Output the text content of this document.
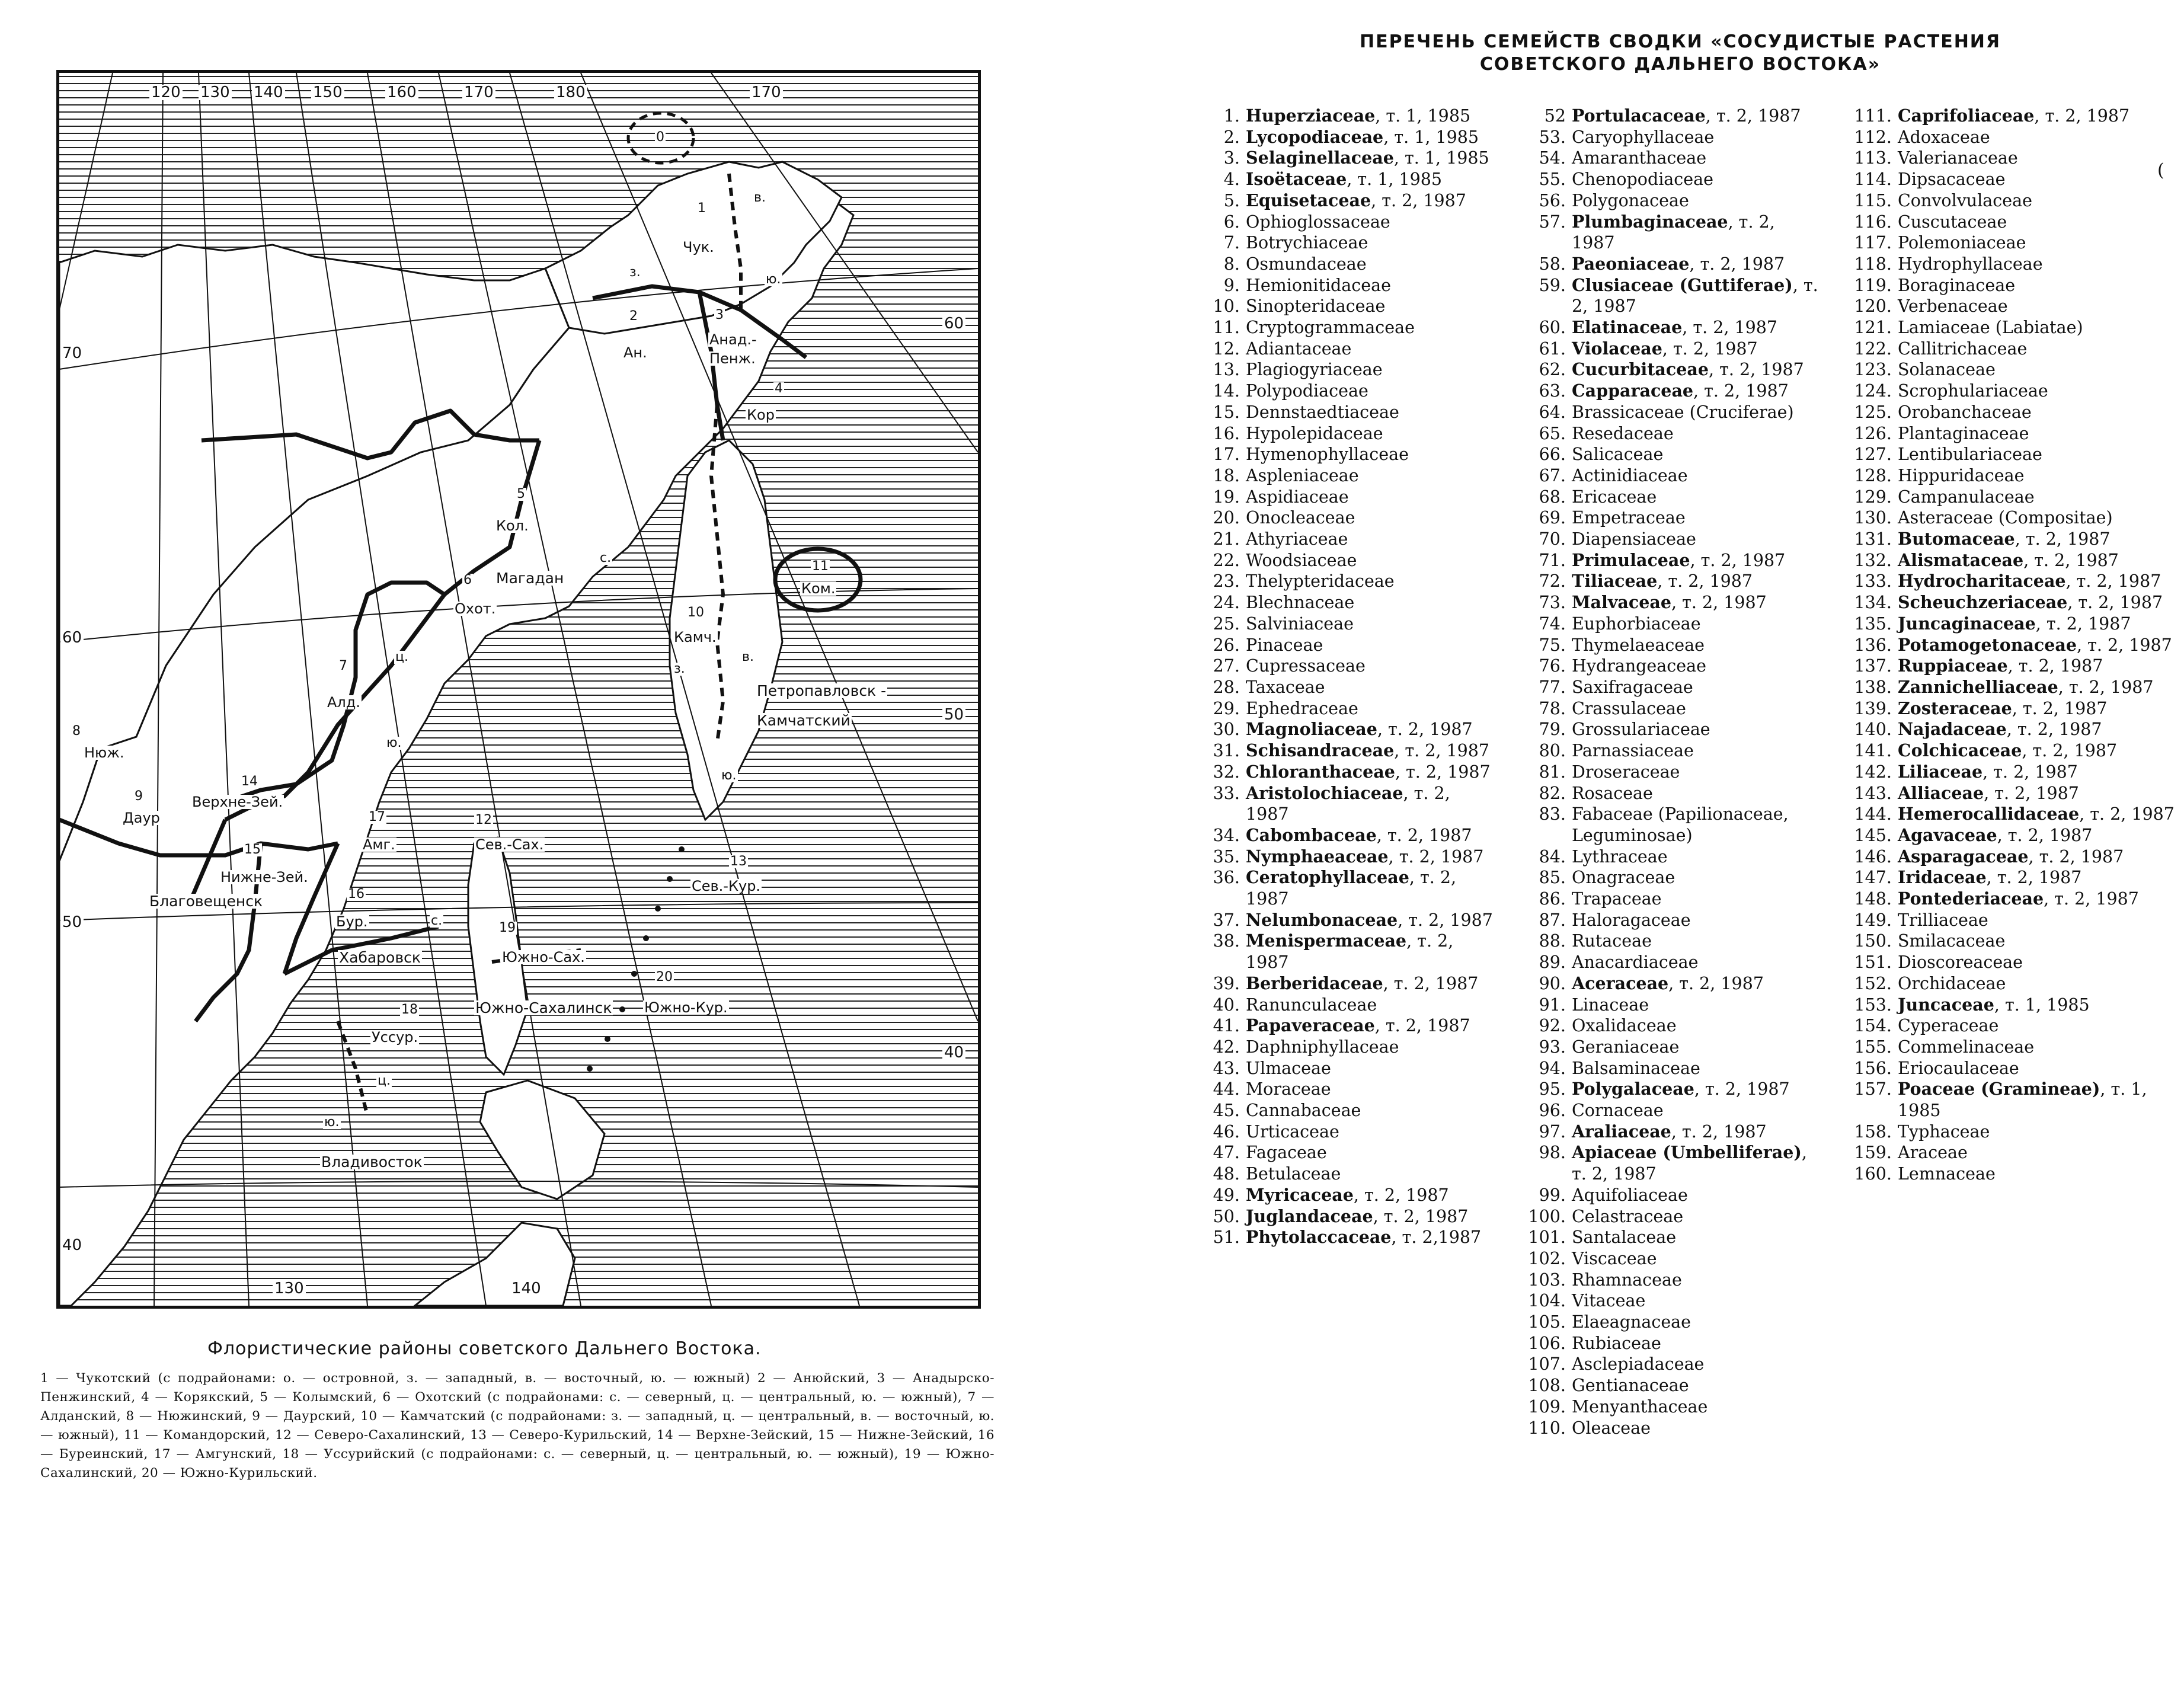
120 130 140 150	160	170	180	170
130	140
70
60
50
40
60
50
40
0
1
в.
Чук.
з.	ю.
2
Ан.
3
Анад.-
Пенж.
4
Кор
5
Кол.
с.
6 Магадан
Охот.
ц.
11
Ком.
10
Камч.
з.
в.
Петропавловск -
Камчатский
ю.
7
Алд.
ю.
8
Нюж.
9
Даур
14
Верхне-Зей.
17
Амг.
12
Сев.-Сах.
15
Нижне-Зей.
13
Сев.-Кур.
Благовещенск	16
Бур.	с.	19
Хабаровск	Южно-Сах.
20
Южно-Сахалинск Южно-Кур.
18
Уссур.
ц.
ю.
Владивосток
Флористические районы советского Дальнего Востока.
1 — Чукотский (с подрайонами: о. — островной, з. — западный, в. — восточный, ю. — южный) 2 — Анюйский, 3 — Анадырско-Пенжинский, 4 — Корякский, 5 — Колымский, 6 — Охотский (с подрайонами: с. — северный, ц. — центральный, ю. — южный), 7 — Алданский, 8 — Нюжинский, 9 — Даурский, 10 — Камчатский (с подрайонами: з. — западный, ц. — центральный, в. — восточный, ю. — южный), 11 — Командорский, 12 — Северо-Сахалинский, 13 — Северо-Курильский, 14 — Верхне-Зейский, 15 — Нижне-Зейский, 16 — Буреинский, 17 — Амгунский, 18 — Уссурийский (с подрайонами: с. — северный, ц. — центральный, ю. — южный), 19 — Южно-Сахалинский, 20 — Южно-Курильский.
(
ПЕРЕЧЕНЬ СЕМЕЙСТВ СВОДКИ «СОСУДИСТЫЕ РАСТЕНИЯ
СОВЕТСКОГО ДАЛЬНЕГО ВОСТОКА»
1. Huperziaceae, т. 1, 1985
2. Lycopodiaceae, т. 1, 1985
3. Selaginellaceae, т. 1, 1985
4. Isoëtaceae, т. 1, 1985
5. Equisetaceae, т. 2, 1987
6. Ophioglossaceae
7. Botrychiaceae
8. Osmundaceae
9. Hemionitidaceae
10. Sinopteridaceae
11. Cryptogrammaceae
12. Adiantaceae
13. Plagiogyriaceae
14. Polypodiaceae
15. Dennstaedtiaceae
16. Hypolepidaceae
17. Hymenophyllaceae
18. Aspleniaceae
19. Aspidiaceae
20. Onocleaceae
21. Athyriaceae
22. Woodsiaceae
23. Thelypteridaceae
24. Blechnaceae
25. Salviniaceae
26. Pinaceae
27. Cupressaceae
28. Taxaceae
29. Ephedraceae
30. Magnoliaceae, т. 2, 1987
31. Schisandraceae, т. 2, 1987
32. Chloranthaceae, т. 2, 1987
33. Aristolochiaceae, т. 2, 1987
34. Cabombaceae, т. 2, 1987
35. Nymphaeaceae, т. 2, 1987
36. Ceratophyllaceae, т. 2, 1987
37. Nelumbonaceae, т. 2, 1987
38. Menispermaceae, т. 2, 1987
39. Berberidaceae, т. 2, 1987
40. Ranunculaceae
41. Papaveraceae, т. 2, 1987
42. Daphniphyllaceae
43. Ulmaceae
44. Moraceae
45. Cannabaceae
46. Urticaceae
47. Fagaceae
48. Betulaceae
49. Myricaceae, т. 2, 1987
50. Juglandaceae, т. 2, 1987
51. Phytolaccaceae, т. 2,1987
52 Portulacaceae, т. 2, 1987
53. Caryophyllaceae
54. Amaranthaceae
55. Chenopodiaceae
56. Polygonaceae
57. Plumbaginaceae, т. 2, 1987
58. Paeoniaceae, т. 2, 1987
59. Clusiaceae (Guttiferae), т. 2, 1987
60. Elatinaceae, т. 2, 1987
61. Violaceae, т. 2, 1987
62. Cucurbitaceae, т. 2, 1987
63. Capparaceae, т. 2, 1987
64. Brassicaceae (Cruciferae)
65. Resedaceae
66. Salicaceae
67. Actinidiaceae
68. Ericaceae
69. Empetraceae
70. Diapensiaceae
71. Primulaceae, т. 2, 1987
72. Tiliaceae, т. 2, 1987
73. Malvaceae, т. 2, 1987
74. Euphorbiaceae
75. Thymelaeaceae
76. Hydrangeaceae
77. Saxifragaceae
78. Crassulaceae
79. Grossulariaceae
80. Parnassiaceae
81. Droseraceae
82. Rosaceae
83. Fabaceae (Papilionaceae, Leguminosae)
84. Lythraceae
85. Onagraceae
86. Trapaceae
87. Haloragaceae
88. Rutaceae
89. Anacardiaceae
90. Aceraceae, т. 2, 1987
91. Linaceae
92. Oxalidaceae
93. Geraniaceae
94. Balsaminaceae
95. Polygalaceae, т. 2, 1987
96. Cornaceae
97. Araliaceae, т. 2, 1987
98. Apiaceae (Umbelliferae), т. 2, 1987
99. Aquifoliaceae
100. Celastraceae
101. Santalaceae
102. Viscaceae
103. Rhamnaceae
104. Vitaceae
105. Elaeagnaceae
106. Rubiaceae
107. Asclepiadaceae
108. Gentianaceae
109. Menyanthaceae
110. Oleaceae
111. Caprifoliaceae, т. 2, 1987
112. Adoxaceae
113. Valerianaceae
114. Dipsacaceae
115. Convolvulaceae
116. Cuscutaceae
117. Polemoniaceae
118. Hydrophyllaceae
119. Boraginaceae
120. Verbenaceae
121. Lamiaceae (Labiatae)
122. Callitrichaceae
123. Solanaceae
124. Scrophulariaceae
125. Orobanchaceae
126. Plantaginaceae
127. Lentibulariaceae
128. Hippuridaceae
129. Campanulaceae
130. Asteraceae (Compositae)
131. Butomaceae, т. 2, 1987
132. Alismataceae, т. 2, 1987
133. Hydrocharitaceae, т. 2, 1987
134. Scheuchzeriaceae, т. 2, 1987
135. Juncaginaceae, т. 2, 1987
136. Potamogetonaceae, т. 2, 1987
137. Ruppiaceae, т. 2, 1987
138. Zannichelliaceae, т. 2, 1987
139. Zosteraceae, т. 2, 1987
140. Najadaceae, т. 2, 1987
141. Colchicaceae, т. 2, 1987
142. Liliaceae, т. 2, 1987
143. Alliaceae, т. 2, 1987
144. Hemerocallidaceae, т. 2, 1987
145. Agavaceae, т. 2, 1987
146. Asparagaceae, т. 2, 1987
147. Iridaceae, т. 2, 1987
148. Pontederiaceae, т. 2, 1987
149. Trilliaceae
150. Smilacaceae
151. Dioscoreaceae
152. Orchidaceae
153. Juncaceae, т. 1, 1985
154. Cyperaceae
155. Commelinaceae
156. Eriocaulaceae
157. Poaceae (Gramineae), т. 1, 1985
158. Typhaceae
159. Araceae
160. Lemnaceae
